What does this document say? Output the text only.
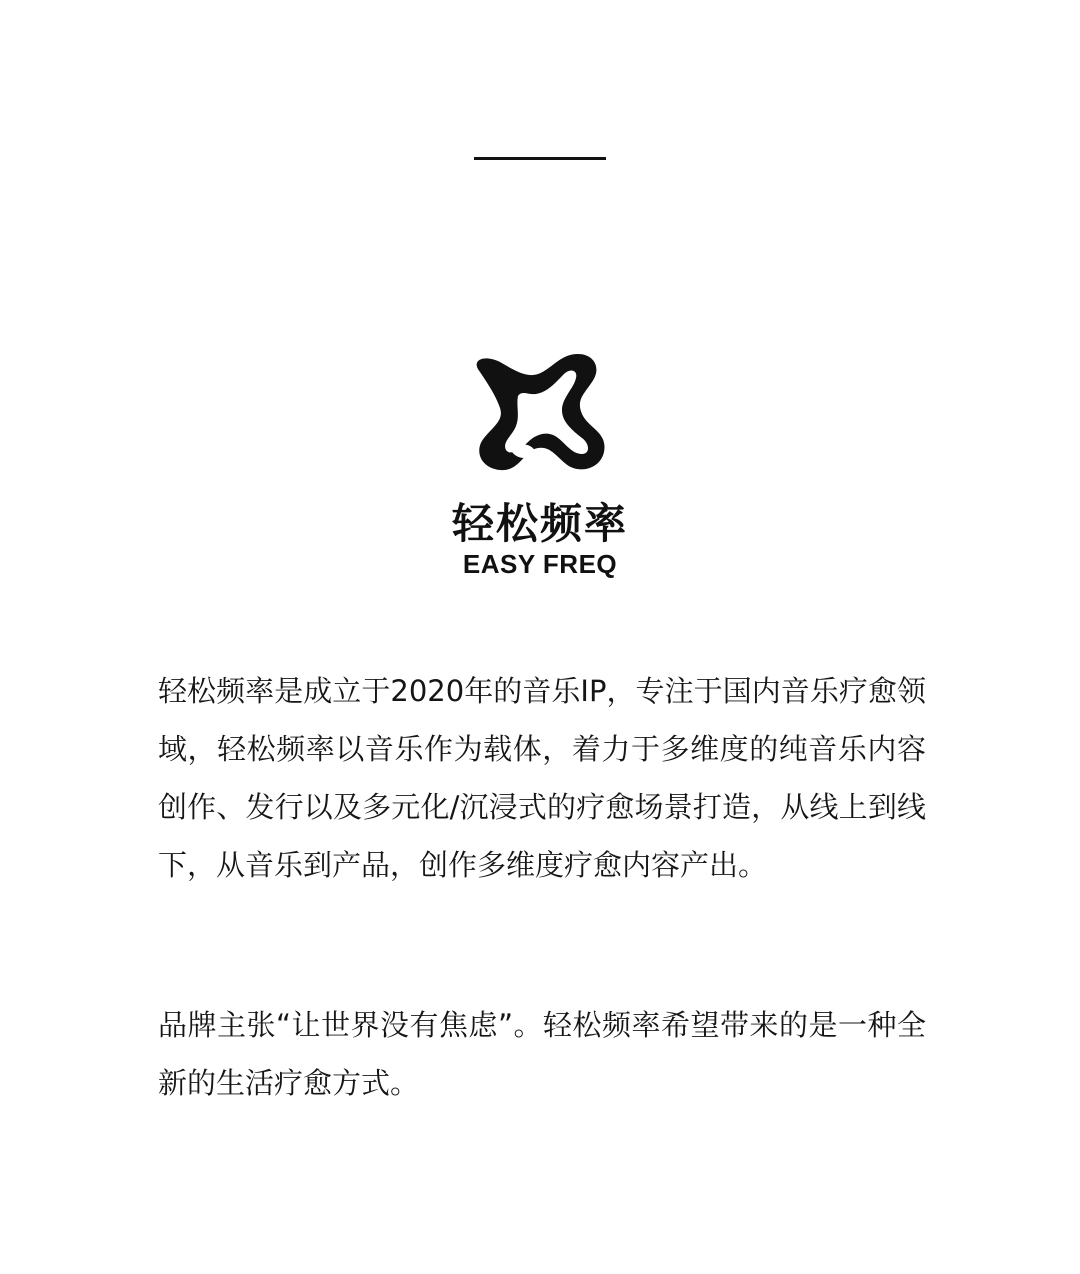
轻松频率
EASY FREQ

轻松频率是成立于2020年的音乐IP，专注于国内音乐疗愈领域，轻松频率以音乐作为载体，着力于多维度的纯音乐内容创作、发行以及多元化/沉浸式的疗愈场景打造，从线上到线下，从音乐到产品，创作多维度疗愈内容产出。

品牌主张“让世界没有焦虑”。轻松频率希望带来的是一种全新的生活疗愈方式。
